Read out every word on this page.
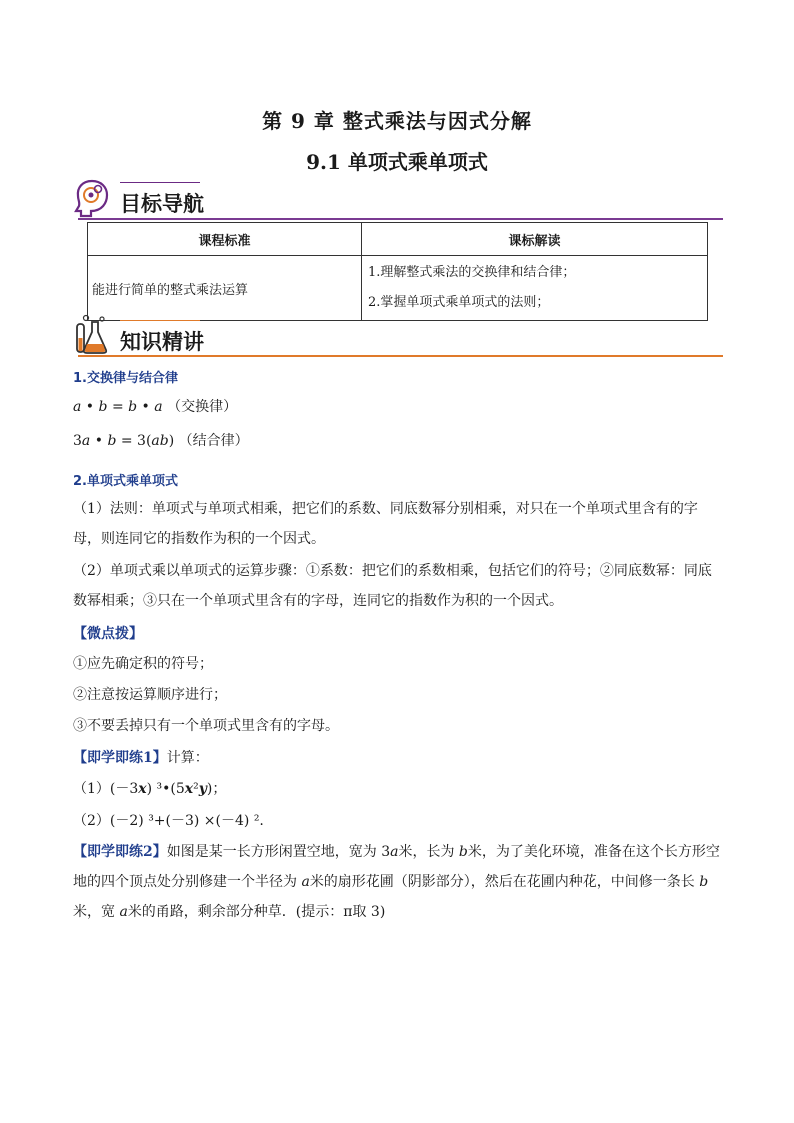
第 9 章 整式乘法与因式分解
9.1 单项式乘单项式
目标导航
课程标准	课标解读
能进行简单的整式乘法运算	1.理解整式乘法的交换律和结合律；
2.掌握单项式乘单项式的法则；
知识精讲
1.交换律与结合律
a • b = b • a （交换律）
3a • b = 3(ab) （结合律）
2.单项式乘单项式
（1）法则：单项式与单项式相乘，把它们的系数、同底数幂分别相乘，对只在一个单项式里含有的字母，则连同它的指数作为积的一个因式。
（2）单项式乘以单项式的运算步骤：①系数：把它们的系数相乘，包括它们的符号；②同底数幂：同底数幂相乘；③只在一个单项式里含有的字母，连同它的指数作为积的一个因式。
【微点拨】
①应先确定积的符号；
②注意按运算顺序进行；
③不要丢掉只有一个单项式里含有的字母。
【即学即练1】计算：
（1）(－3x) ³•(5x²y)；
（2）(－2) ³+(－3) ×(－4) ².
【即学即练2】如图是某一长方形闲置空地，宽为 3a米，长为 b米，为了美化环境，准备在这个长方形空地的四个顶点处分别修建一个半径为 a米的扇形花圃（阴影部分），然后在花圃内种花，中间修一条长 b米，宽 a米的甬路，剩余部分种草．(提示：π取 3)
